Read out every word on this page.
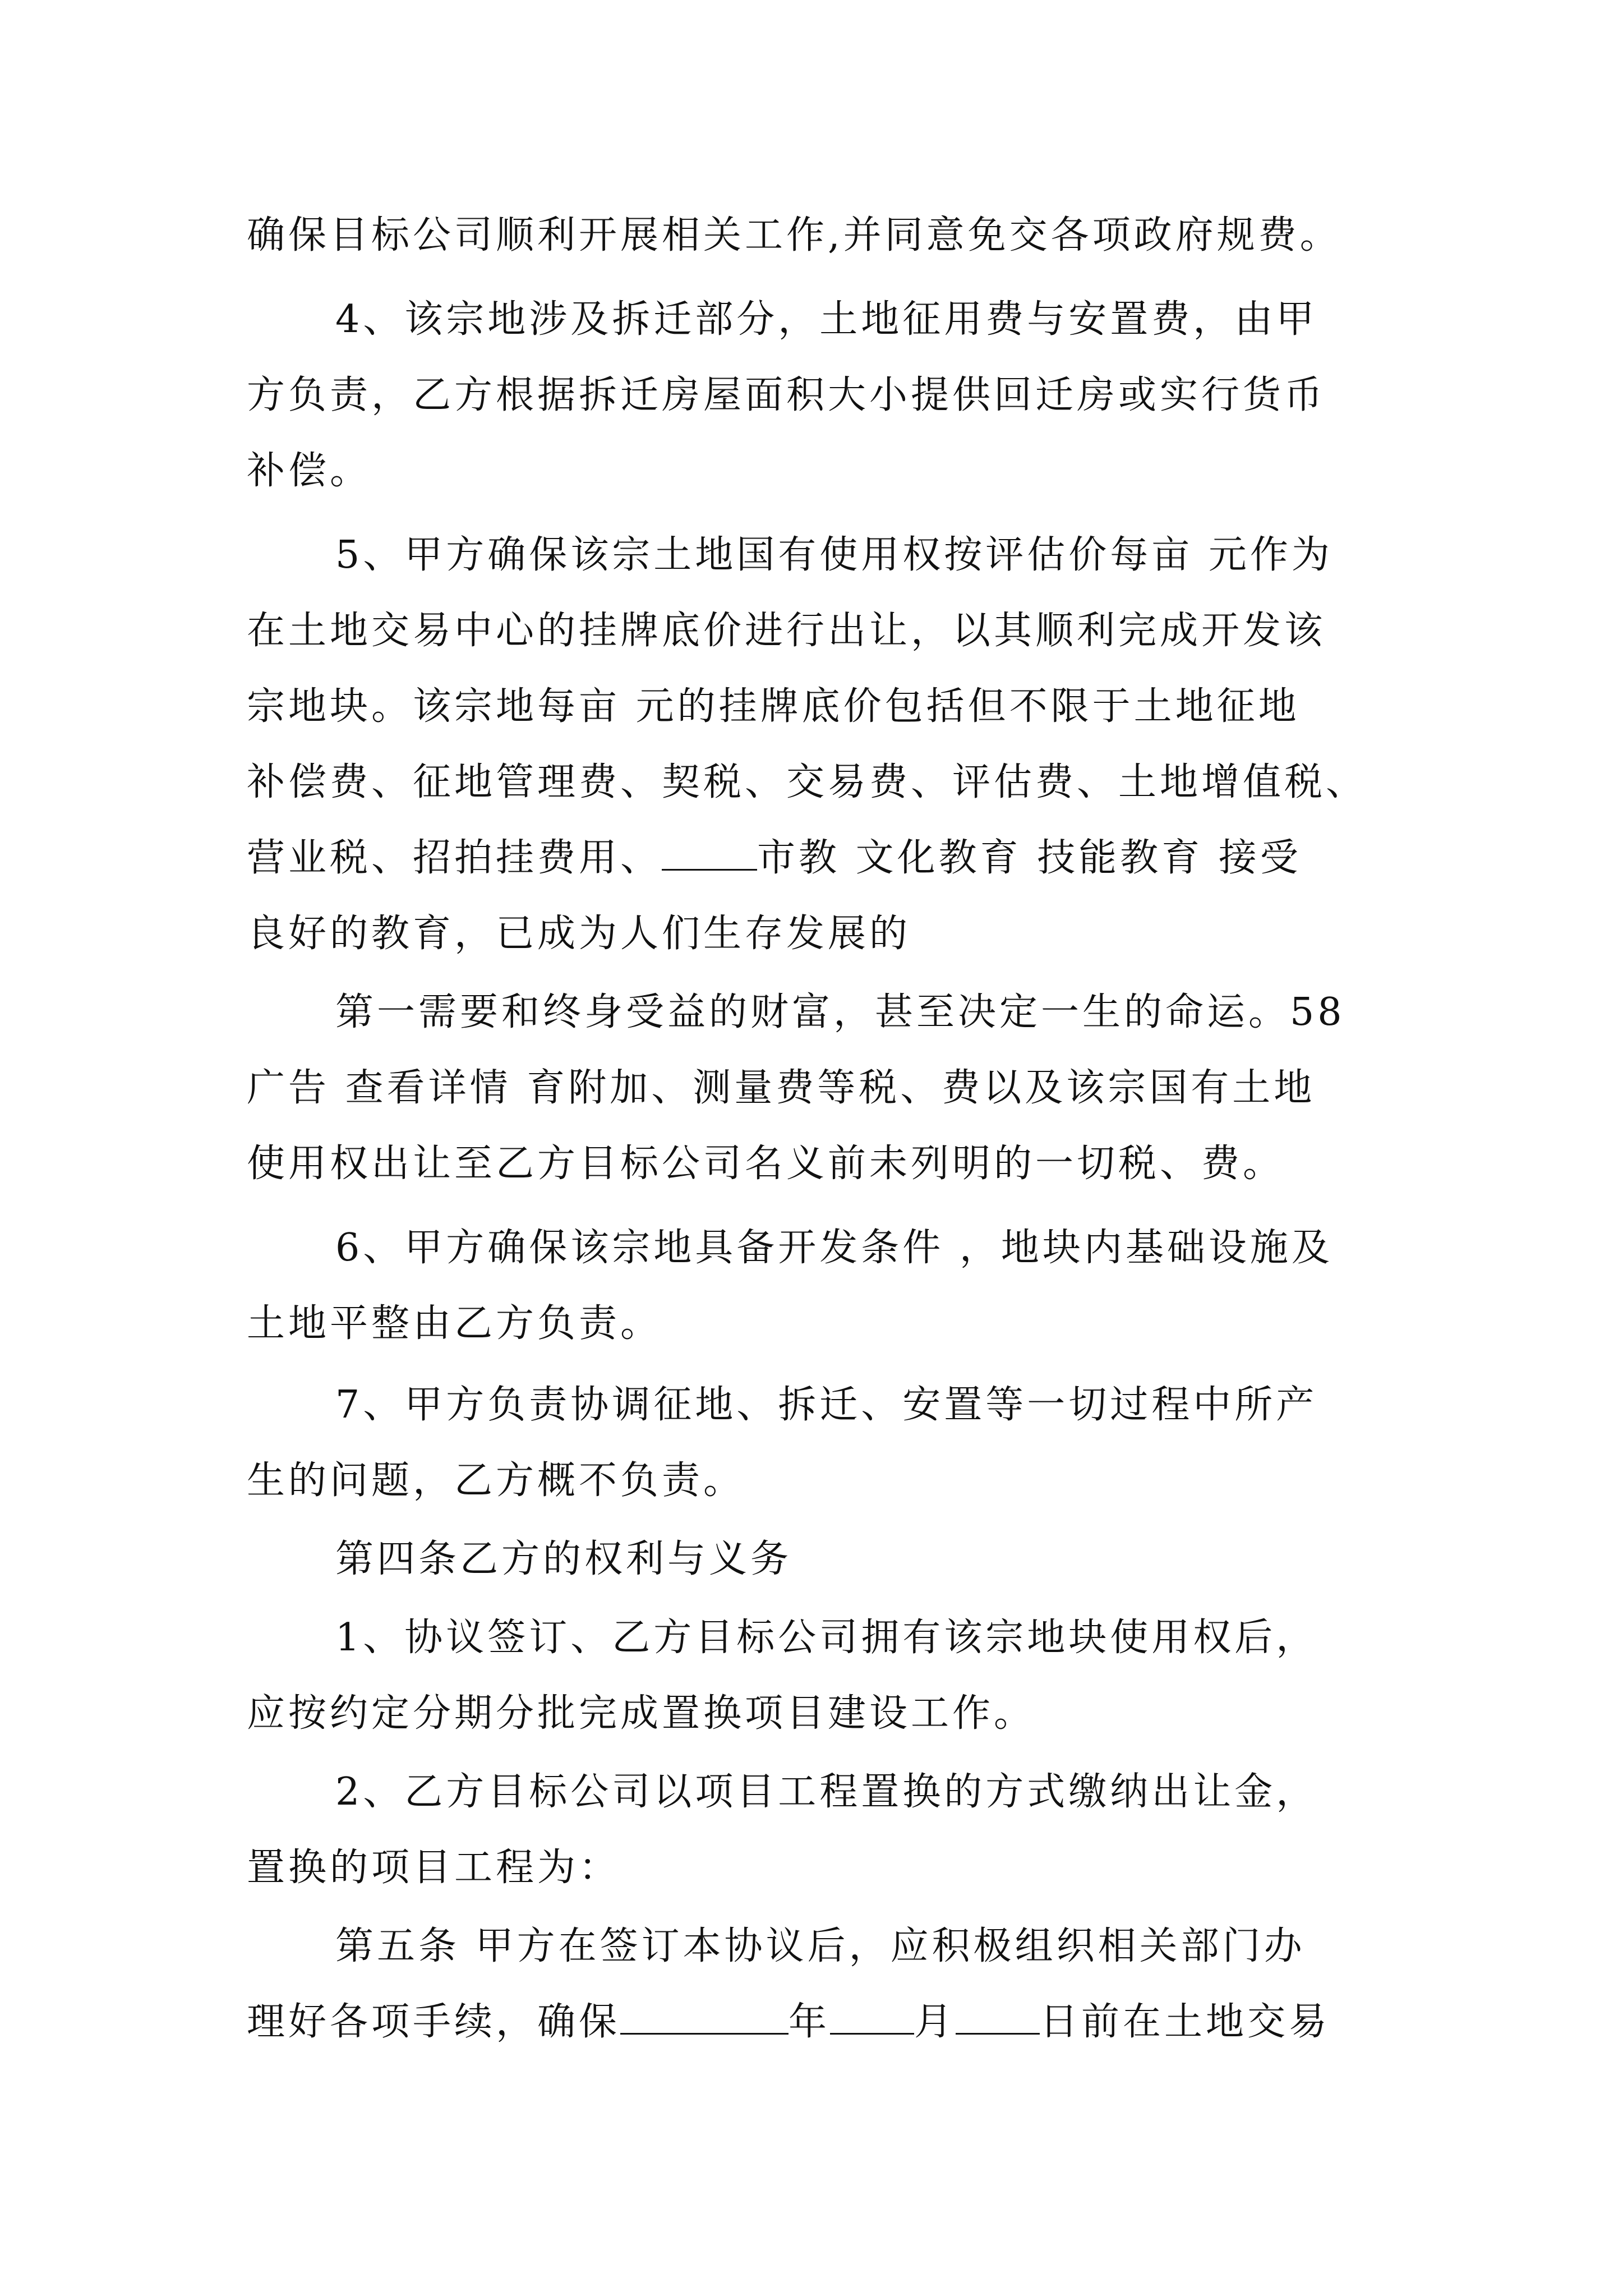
确保目标公司顺利开展相关工作,并同意免交各项政府规费。
4、该宗地涉及拆迁部分，土地征用费与安置费，由甲
方负责，乙方根据拆迁房屋面积大小提供回迁房或实行货币
补偿。
5、甲方确保该宗土地国有使用权按评估价每亩 元作为
在土地交易中心的挂牌底价进行出让，以其顺利完成开发该
宗地块。该宗地每亩 元的挂牌底价包括但不限于土地征地
补偿费、征地管理费、契税、交易费、评估费、土地增值税、
营业税、招拍挂费用、	市教 文化教育 技能教育 接受
良好的教育，已成为人们生存发展的
第一需要和终身受益的财富，甚至决定一生的命运。58
广告 查看详情 育附加、测量费等税、费以及该宗国有土地
使用权出让至乙方目标公司名义前未列明的一切税、费。
6、甲方确保该宗地具备开发条件 ，地块内基础设施及
土地平整由乙方负责。
7、甲方负责协调征地、拆迁、安置等一切过程中所产
生的问题，乙方概不负责。
第四条乙方的权利与义务
1、协议签订、乙方目标公司拥有该宗地块使用权后，
应按约定分期分批完成置换项目建设工作。
2、乙方目标公司以项目工程置换的方式缴纳出让金，
置换的项目工程为：
第五条 甲方在签订本协议后，应积极组织相关部门办
理好各项手续，确保	年 月 日前在土地交易
